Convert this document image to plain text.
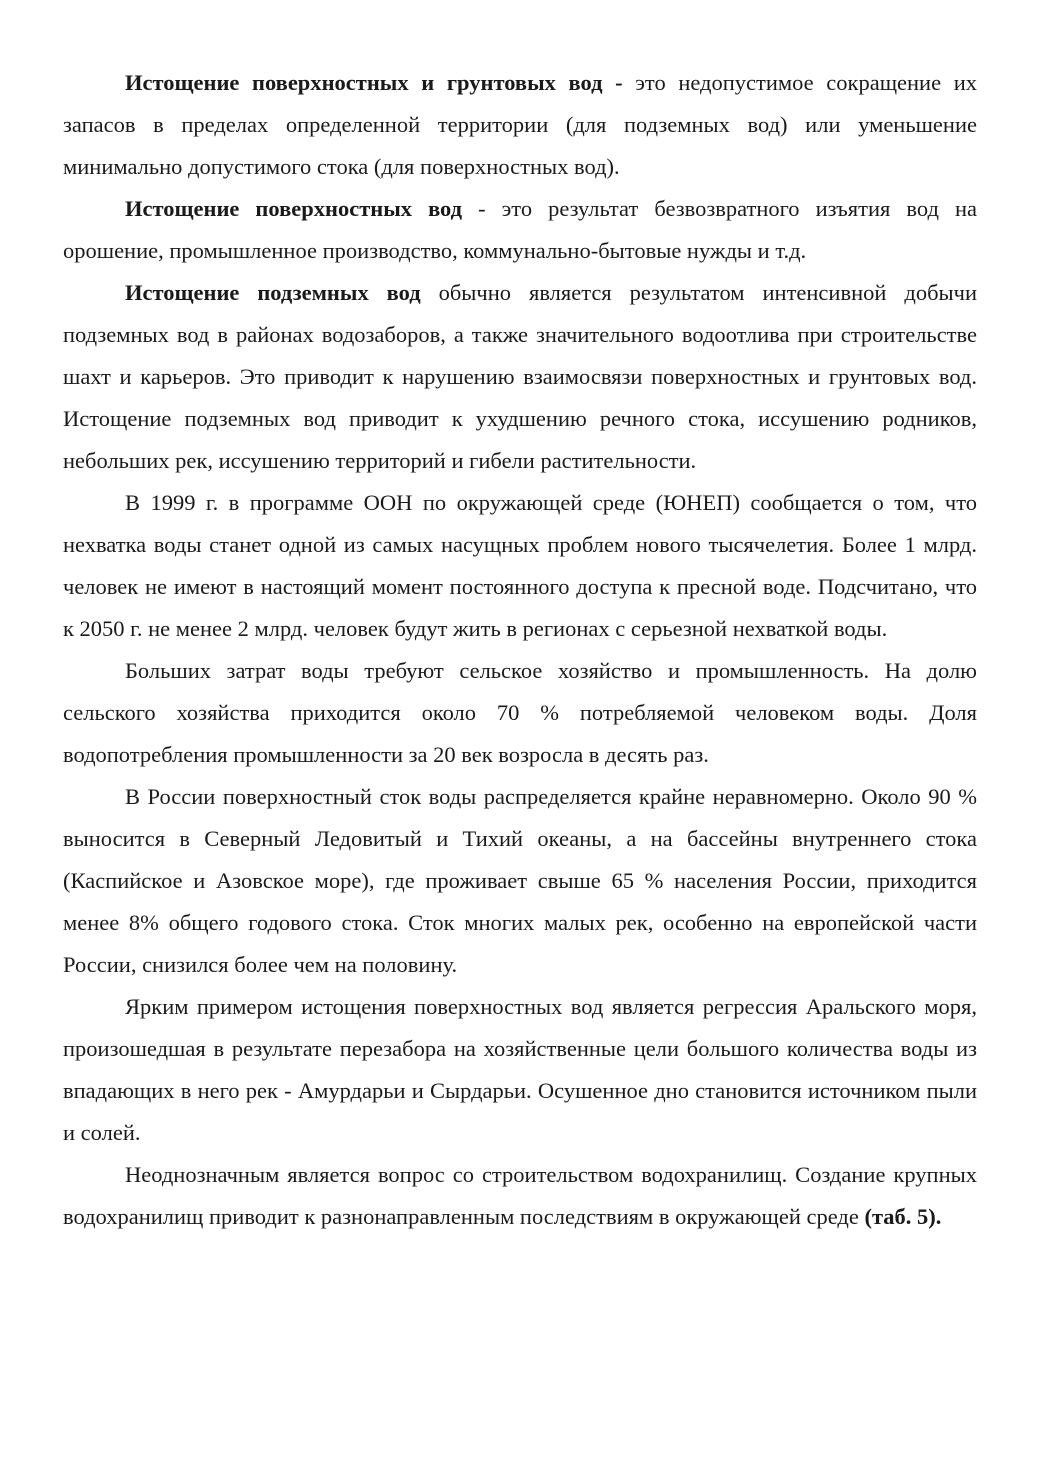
Истощение поверхностных и грунтовых вод - это недопустимое сокращение их запасов в пределах определенной территории (для подземных вод) или уменьшение минимально допустимого стока (для поверхностных вод).

Истощение поверхностных вод - это результат безвозвратного изъятия вод на орошение, промышленное производство, коммунально-бытовые нужды и т.д.

Истощение подземных вод обычно является результатом интенсивной добычи подземных вод в районах водозаборов, а также значительного водоотлива при строительстве шахт и карьеров. Это приводит к нарушению взаимосвязи поверхностных и грунтовых вод. Истощение подземных вод приводит к ухудшению речного стока, иссушению родников, небольших рек, иссушению территорий и гибели растительности.

В 1999 г. в программе ООН по окружающей среде (ЮНЕП) сообщается о том, что нехватка воды станет одной из самых насущных проблем нового тысячелетия. Более 1 млрд. человек не имеют в настоящий момент постоянного доступа к пресной воде. Подсчитано, что к 2050 г. не менее 2 млрд. человек будут жить в регионах с серьезной нехваткой воды.

Больших затрат воды требуют сельское хозяйство и промышленность. На долю сельского хозяйства приходится около 70 % потребляемой человеком воды. Доля водопотребления промышленности за 20 век возросла в десять раз.

В России поверхностный сток воды распределяется крайне неравномерно. Около 90 % выносится в Северный Ледовитый и Тихий океаны, а на бассейны внутреннего стока (Каспийское и Азовское море), где проживает свыше 65 % населения России, приходится менее 8% общего годового стока. Сток многих малых рек, особенно на европейской части России, снизился более чем на половину.

Ярким примером истощения поверхностных вод является регрессия Аральского моря, произошедшая в результате перезабора на хозяйственные цели большого количества воды из впадающих в него рек - Амурдарьи и Сырдарьи. Осушенное дно становится источником пыли и солей.

Неоднозначным является вопрос со строительством водохранилищ. Создание крупных водохранилищ приводит к разнонаправленным последствиям в окружающей среде (таб. 5).
